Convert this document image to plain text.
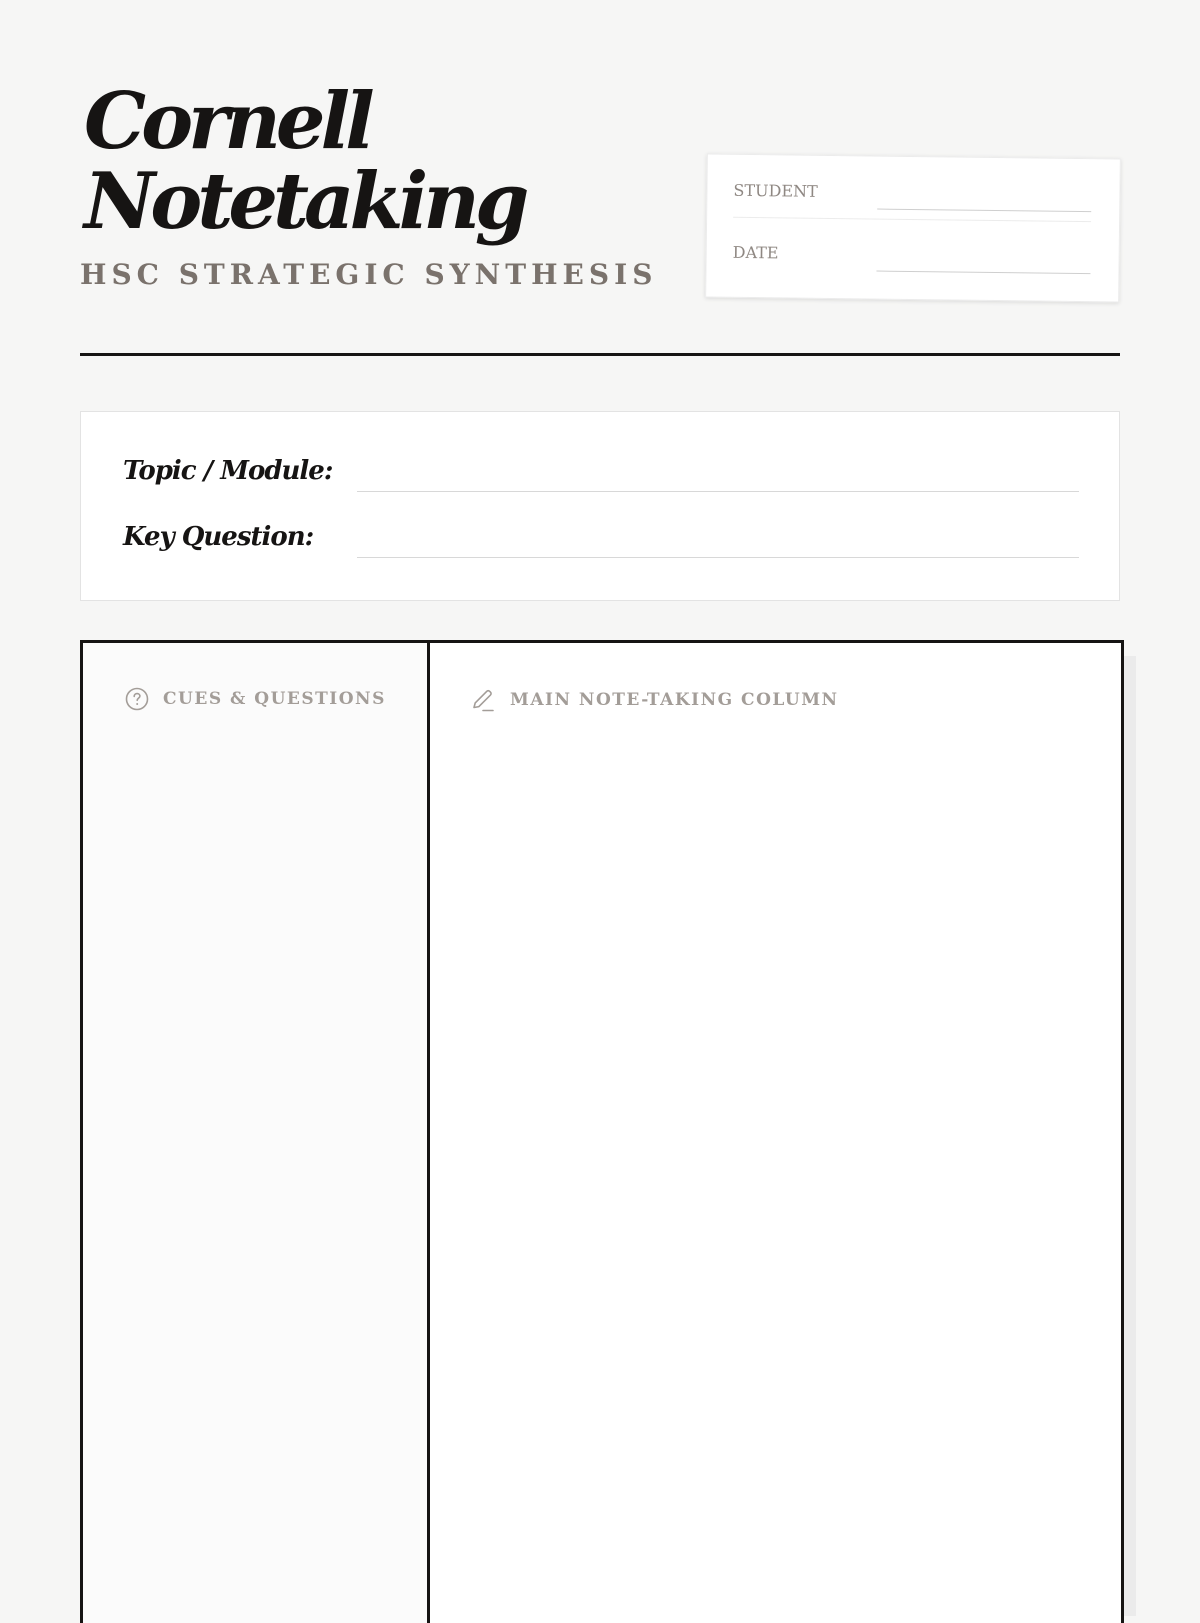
Cornell
Notetaking
HSC STRATEGIC SYNTHESIS
STUDENT
DATE
Topic / Module:
Key Question:
CUES & QUESTIONS	MAIN NOTE-TAKING COLUMN
